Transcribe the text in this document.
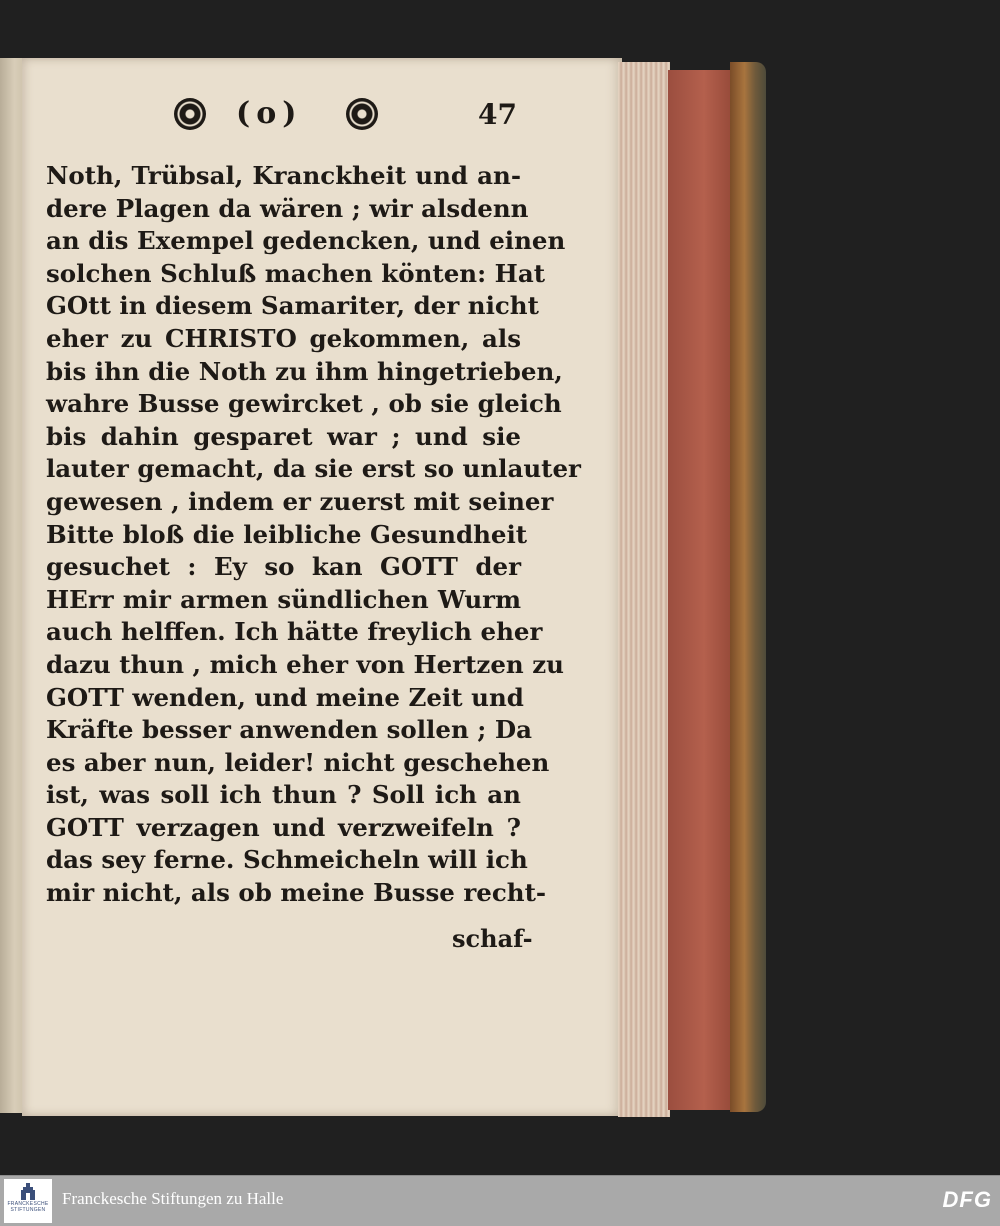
(o)	47
Noth, Trübsal, Kranckheit und an-
dere Plagen da wären ; wir alsdenn
an dis Exempel gedencken, und einen
solchen Schluß machen könten: Hat
GOtt in diesem Samariter, der nicht
eher zu CHRISTO gekommen, als
bis ihn die Noth zu ihm hingetrieben,
wahre Busse gewircket , ob sie gleich
bis dahin gesparet war ; und sie
lauter gemacht, da sie erst so unlauter
gewesen , indem er zuerst mit seiner
Bitte bloß die leibliche Gesundheit
gesuchet : Ey so kan GOTT der
HErr mir armen sündlichen Wurm
auch helffen. Ich hätte freylich eher
dazu thun , mich eher von Hertzen zu
GOTT wenden, und meine Zeit und
Kräfte besser anwenden sollen ; Da
es aber nun, leider! nicht geschehen
ist, was soll ich thun ? Soll ich an
GOTT verzagen und verzweifeln ?
das sey ferne. Schmeicheln will ich
mir nicht, als ob meine Busse recht-
schaf-
FRANCKESCHE
STIFTUNGEN
Franckesche Stiftungen zu Halle	DFG
